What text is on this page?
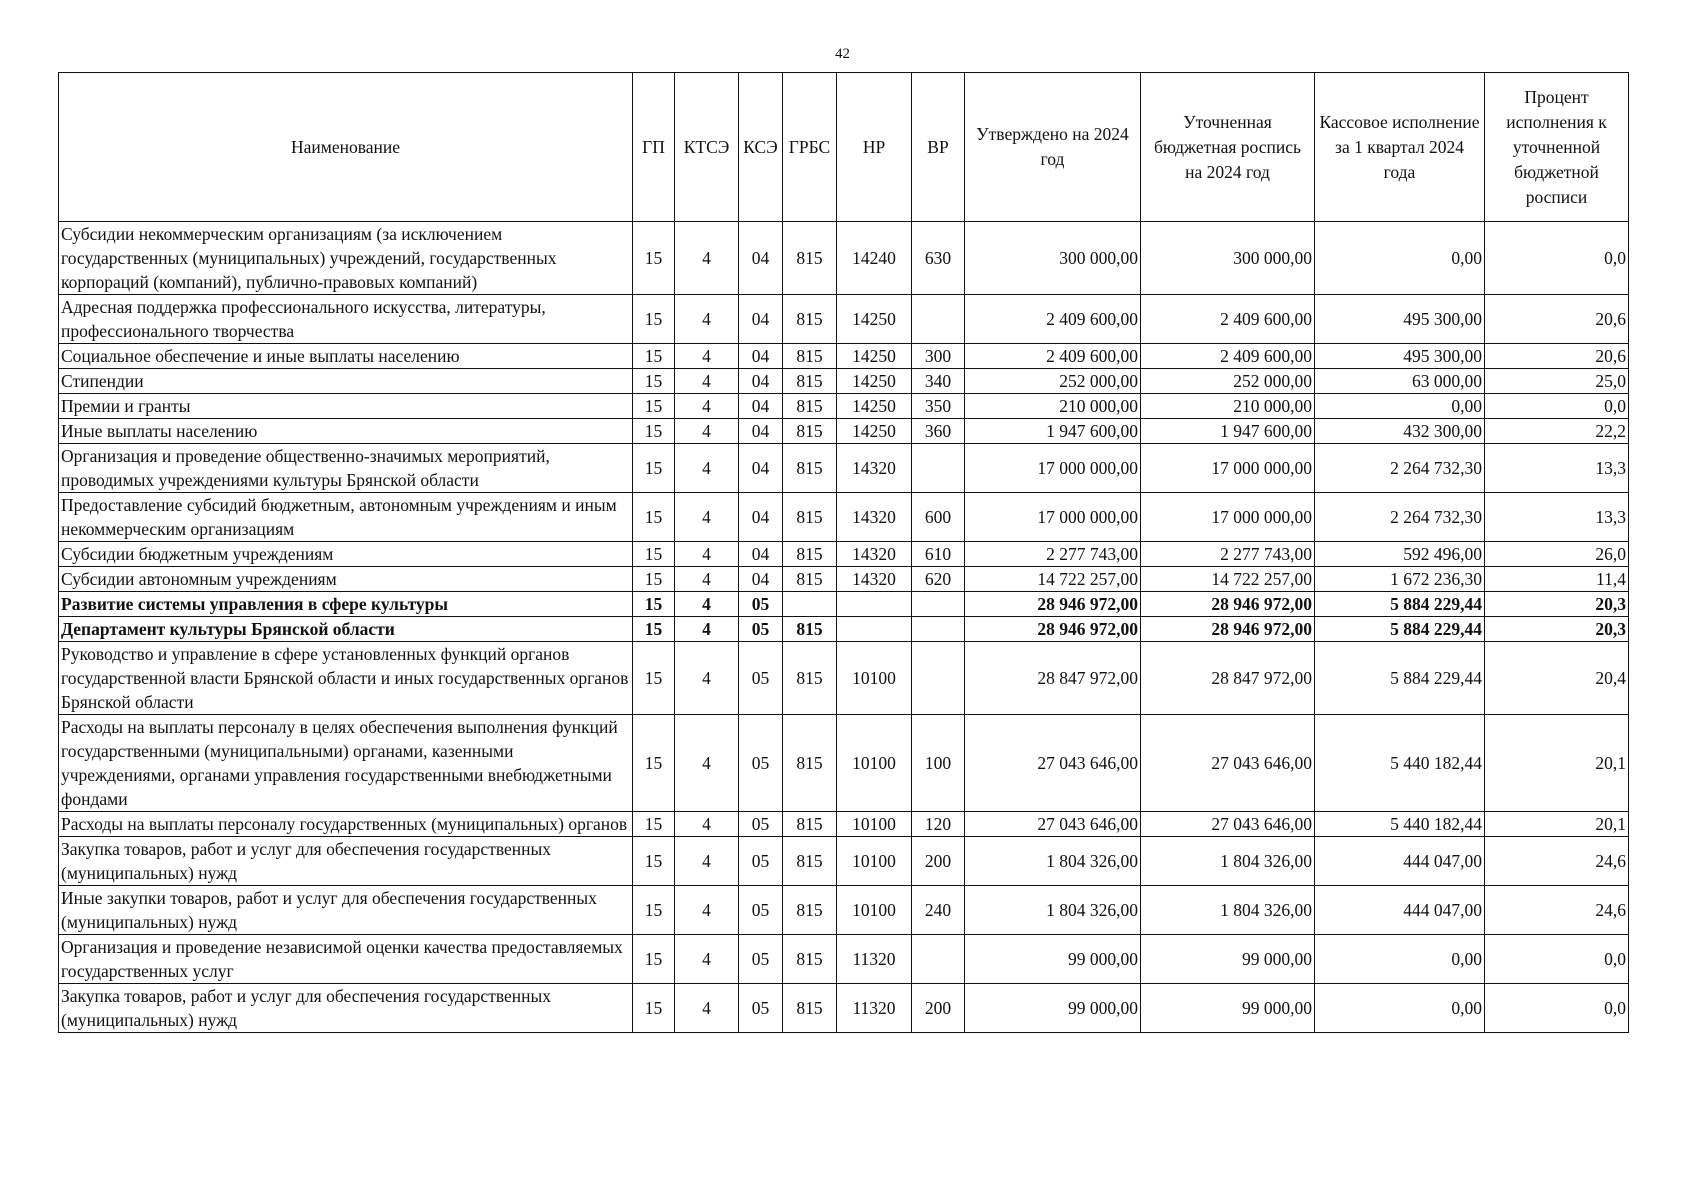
42
Наименование	ГП	КТСЭ	КСЭ	ГРБС	НР	ВР	Утверждено на 2024 год	Уточненная бюджетная роспись на 2024 год	Кассовое исполнение за 1 квартал 2024 года	Процент исполнения к уточненной бюджетной росписи
Субсидии некоммерческим организациям (за исключением государственных (муниципальных) учреждений, государственных корпораций (компаний), публично-правовых компаний)	15	4	04	815	14240	630	300 000,00	300 000,00	0,00	0,0
Адресная поддержка профессионального искусства, литературы, профессионального творчества	15	4	04	815	14250		2 409 600,00	2 409 600,00	495 300,00	20,6
Социальное обеспечение и иные выплаты населению	15	4	04	815	14250	300	2 409 600,00	2 409 600,00	495 300,00	20,6
Стипендии	15	4	04	815	14250	340	252 000,00	252 000,00	63 000,00	25,0
Премии и гранты	15	4	04	815	14250	350	210 000,00	210 000,00	0,00	0,0
Иные выплаты населению	15	4	04	815	14250	360	1 947 600,00	1 947 600,00	432 300,00	22,2
Организация и проведение общественно-значимых мероприятий, проводимых учреждениями культуры Брянской области	15	4	04	815	14320		17 000 000,00	17 000 000,00	2 264 732,30	13,3
Предоставление субсидий бюджетным, автономным учреждениям и иным некоммерческим организациям	15	4	04	815	14320	600	17 000 000,00	17 000 000,00	2 264 732,30	13,3
Субсидии бюджетным учреждениям	15	4	04	815	14320	610	2 277 743,00	2 277 743,00	592 496,00	26,0
Субсидии автономным учреждениям	15	4	04	815	14320	620	14 722 257,00	14 722 257,00	1 672 236,30	11,4
Развитие системы управления в сфере культуры	15	4	05				28 946 972,00	28 946 972,00	5 884 229,44	20,3
Департамент культуры Брянской области	15	4	05	815			28 946 972,00	28 946 972,00	5 884 229,44	20,3
Руководство и управление в сфере установленных функций органов государственной власти Брянской области и иных государственных органов Брянской области	15	4	05	815	10100		28 847 972,00	28 847 972,00	5 884 229,44	20,4
Расходы на выплаты персоналу в целях обеспечения выполнения функций государственными (муниципальными) органами, казенными учреждениями, органами управления государственными внебюджетными фондами	15	4	05	815	10100	100	27 043 646,00	27 043 646,00	5 440 182,44	20,1
Расходы на выплаты персоналу государственных (муниципальных) органов	15	4	05	815	10100	120	27 043 646,00	27 043 646,00	5 440 182,44	20,1
Закупка товаров, работ и услуг для обеспечения государственных (муниципальных) нужд	15	4	05	815	10100	200	1 804 326,00	1 804 326,00	444 047,00	24,6
Иные закупки товаров, работ и услуг для обеспечения государственных (муниципальных) нужд	15	4	05	815	10100	240	1 804 326,00	1 804 326,00	444 047,00	24,6
Организация и проведение независимой оценки качества предоставляемых государственных услуг	15	4	05	815	11320		99 000,00	99 000,00	0,00	0,0
Закупка товаров, работ и услуг для обеспечения государственных (муниципальных) нужд	15	4	05	815	11320	200	99 000,00	99 000,00	0,00	0,0
